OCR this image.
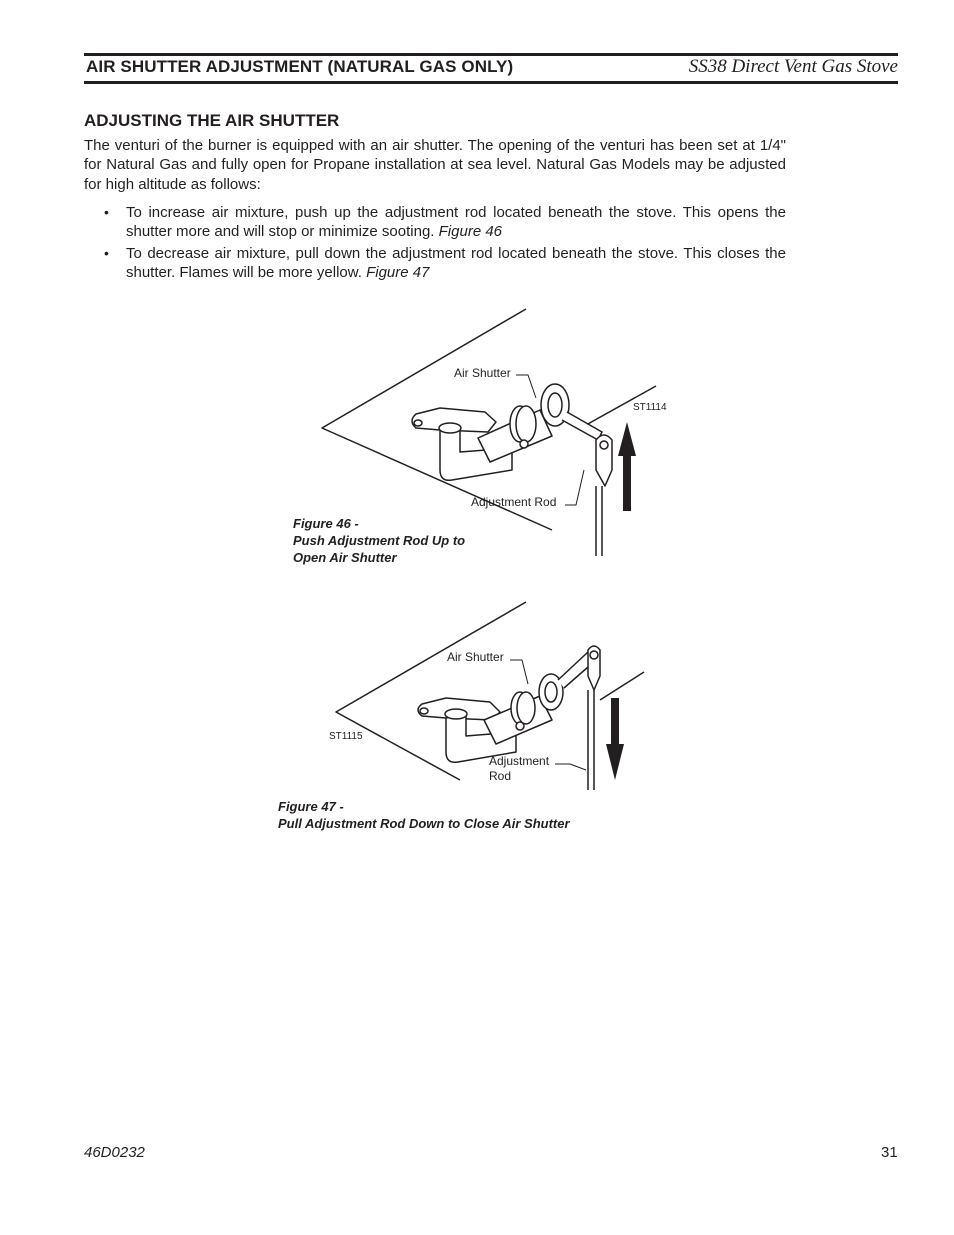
AIR SHUTTER ADJUSTMENT (NATURAL GAS ONLY)	SS38 Direct Vent Gas Stove
ADJUSTING THE AIR SHUTTER

The venturi of the burner is equipped with an air shutter. The opening of the venturi has been set at 1/4" for Natural Gas and fully open for Propane installation at sea level. Natural Gas Models may be adjusted for high altitude as follows:

• To increase air mixture, push up the adjustment rod located beneath the stove. This opens the shutter more and will stop or minimize sooting. Figure 46
• To decrease air mixture, pull down the adjustment rod located beneath the stove. This closes the shutter. Flames will be more yellow. Figure 47
Air Shutter
ST1114
Adjustment Rod
Figure 46 -
Push Adjustment Rod Up to
Open Air Shutter
Air Shutter
ST1115
Adjustment
Rod
Figure 47 -
Pull Adjustment Rod Down to Close Air Shutter
46D0232	31
